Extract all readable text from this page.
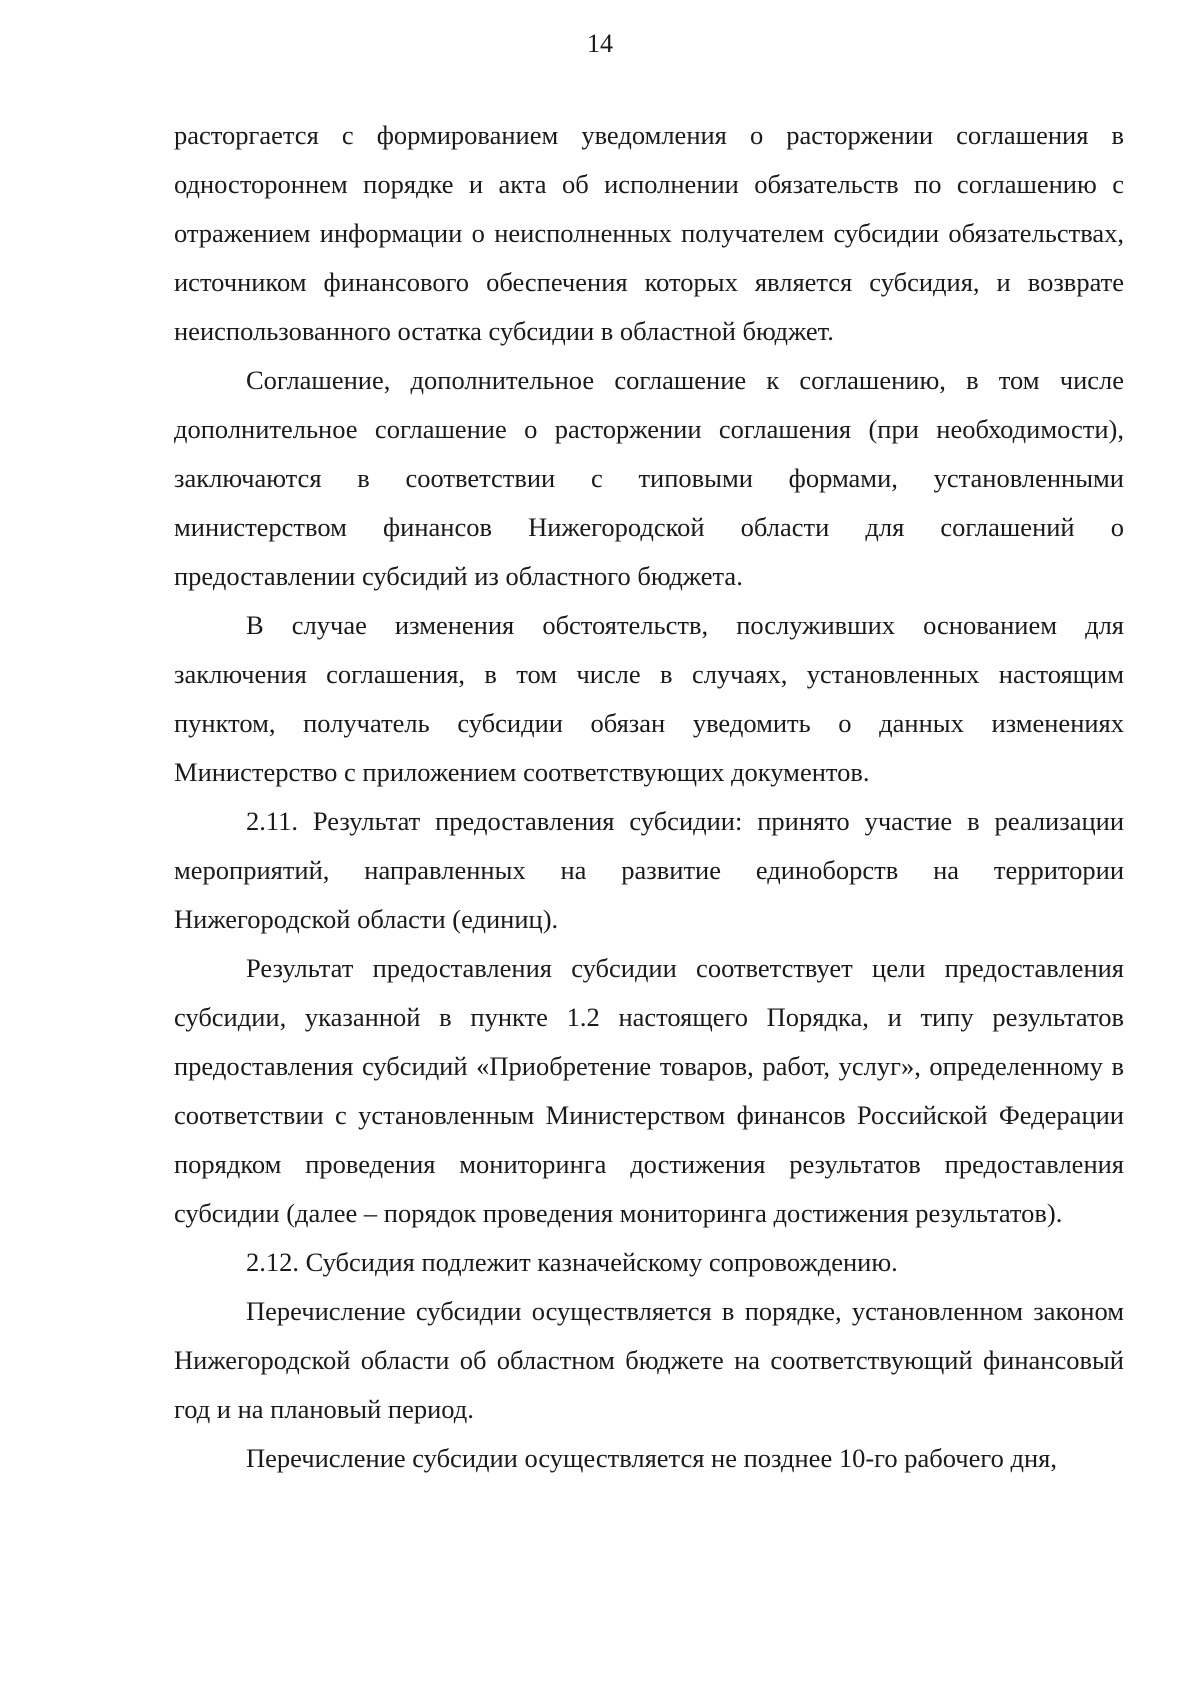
14

расторгается с формированием уведомления о расторжении соглашения в одностороннем порядке и акта об исполнении обязательств по соглашению с отражением информации о неисполненных получателем субсидии обязательствах, источником финансового обеспечения которых является субсидия, и возврате неиспользованного остатка субсидии в областной бюджет.

Соглашение, дополнительное соглашение к соглашению, в том числе дополнительное соглашение о расторжении соглашения (при необходимости), заключаются в соответствии с типовыми формами, установленными министерством финансов Нижегородской области для соглашений о предоставлении субсидий из областного бюджета.

В случае изменения обстоятельств, послуживших основанием для заключения соглашения, в том числе в случаях, установленных настоящим пунктом, получатель субсидии обязан уведомить о данных изменениях Министерство с приложением соответствующих документов.

2.11. Результат предоставления субсидии: принято участие в реализации мероприятий, направленных на развитие единоборств на территории Нижегородской области (единиц).

Результат предоставления субсидии соответствует цели предоставления субсидии, указанной в пункте 1.2 настоящего Порядка, и типу результатов предоставления субсидий «Приобретение товаров, работ, услуг», определенному в соответствии с установленным Министерством финансов Российской Федерации порядком проведения мониторинга достижения результатов предоставления субсидии (далее – порядок проведения мониторинга достижения результатов).

2.12. Субсидия подлежит казначейскому сопровождению.

Перечисление субсидии осуществляется в порядке, установленном законом Нижегородской области об областном бюджете на соответствующий финансовый год и на плановый период.

Перечисление субсидии осуществляется не позднее 10-го рабочего дня,
